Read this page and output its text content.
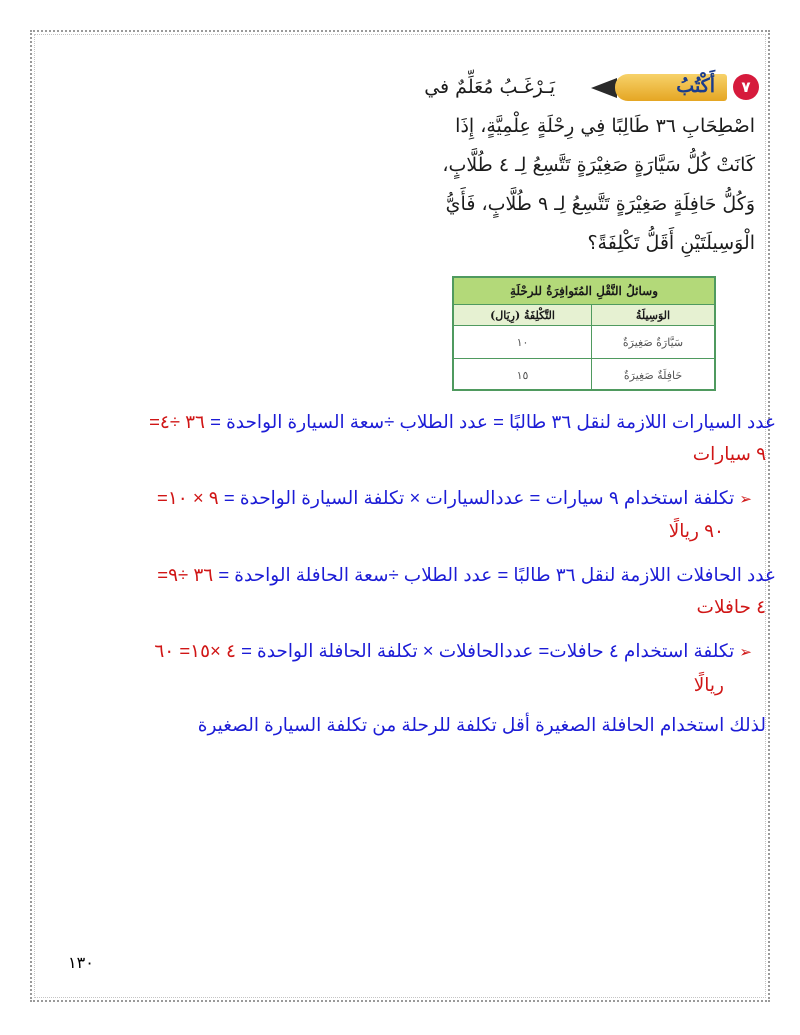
٧
أَكْتُبُ
يَـرْغَـبُ مُعَلِّمٌ في
اصْطِحَابِ ٣٦ طَالِبًا فِي رِحْلَةٍ عِلْمِيَّةٍ، إِذَا
كَانَتْ كُلُّ سَيَّارَةٍ صَغِيْرَةٍ تَتَّسِعُ لِـ ٤ طُلَّابٍ،
وَكُلُّ حَافِلَةٍ صَغِيْرَةٍ تَتَّسِعُ لِـ ٩ طُلَّابٍ، فَأَيُّ
الْوَسِيلَتَيْنِ أَقَلُّ تَكْلِفَةً؟
وسائلُ النَّقْلِ المُتَوافِرَةُ للرحْلَةِ
الوَسِيلَةُ
التَّكْلِفَةُ (رِيَال)
سَيَّارَةٌ صَغِيرَةٌ
١٠
حَافِلَةٌ صَغِيرَةٌ
١٥
عدد السيارات اللازمة لنقل ٣٦ طالبًا = عدد الطلاب ÷سعة السيارة الواحدة = ٣٦ ÷٤=
٩ سيارات
➢ تكلفة استخدام ٩ سيارات = عددالسيارات × تكلفة السيارة الواحدة = ٩ × ١٠=
٩٠ ريالًا
عدد الحافلات اللازمة لنقل ٣٦ طالبًا = عدد الطلاب ÷سعة الحافلة الواحدة = ٣٦ ÷٩=
٤ حافلات
➢ تكلفة استخدام ٤ حافلات= عددالحافلات × تكلفة الحافلة الواحدة = ٤ ×١٥= ٦٠
ريالًا
لذلك استخدام الحافلة الصغيرة أقل تكلفة للرحلة من تكلفة السيارة الصغيرة
١٣٠
